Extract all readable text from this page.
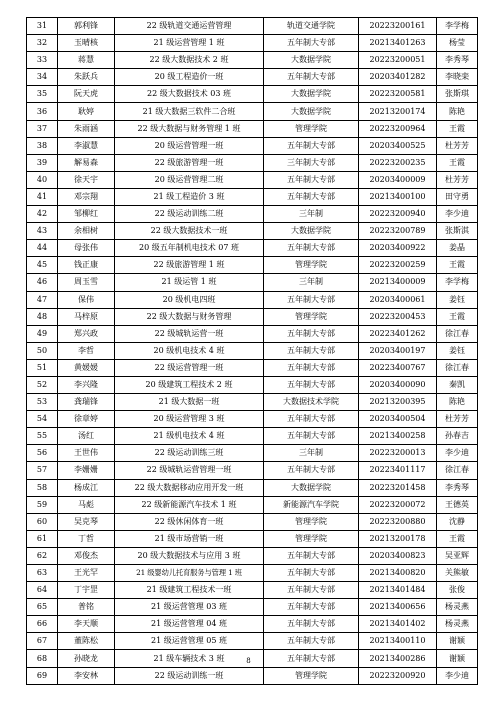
31	郭利锋	22 级轨道交通运营管理	轨道交通学院	20223200161	李学梅
32	玉晴核	21 级运营管理 1 班	五年制大专部	20213401263	杨莹
33	蒋慧	22 级大数据技术 2 班	大数据学院	20223200051	李秀琴
34	朱跃兵	20 级工程造价一班	五年制大专部	20203401282	李晓栾
35	阮天虎	22 级大数据技术 03 班	大数据学院	20223200581	张斯琪
36	耿婷	21 级大数据三软件二合班	大数据学院	20213200174	陈艳
37	朱雨涵	22 级大数据与财务管理 1 班	管理学院	20223200964	王霞
38	李淑慧	20 级运营管理一班	五年制大专部	20203400525	杜芳芳
39	解易森	22 级旅游管理一班	三年制大专部	20223200235	王霞
40	徐天宇	20 级运营管理二班	五年制大专部	20203400009	杜芳芳
41	邓宗翔	21 级工程造价 3 班	五年制大专部	20213400100	田守勇
42	邹柳红	22 级运动训练二班	三年制	20223200940	李少迪
43	余相树	22 级大数据技术一班	大数据学院	20223200789	张斯淇
44	母张伟	20 级五年制机电技术 07 班	五年制大专部	20203400922	姜晶
45	钱正康	22 级旅游管理 1 班	管理学院	20223200259	王霞
46	周玉雪	21 级运管 1 班	三年制	20213400009	李学梅
47	保伟	20 级机电四班	五年制大专部	20203400061	姜钰
48	马梓原	22 级大数据与财务管理	管理学院	20223200453	王霞
49	郑兴政	22 级城轨运营一班	五年制大专部	20223401262	徐江春
50	李哲	20 级机电技术 4 班	五年制大专部	20203400197	姜钰
51	黄媛媛	22 级运营管理一班	五年制大专部	20223400767	徐江春
52	李兴隆	20 级建筑工程技术 2 班	五年制大专部	20203400090	秦凯
53	龚瑞锋	21 级大数据一班	大数据技术学院	20213200395	陈艳
54	徐章婷	20 级运营管理 3 班	五年制大专部	20203400504	杜芳芳
55	汤红	21 级机电技术 4 班	五年制大专部	20213400258	孙春吉
56	王世伟	22 级运动训练三班	三年制	20223200013	李少迪
57	李姗姗	22 级城轨运营管理一班	五年制大专部	20223401117	徐江春
58	杨成江	22 级大数据移动应用开发一班	大数据学院	20223201458	李秀琴
59	马彪	22 级新能源汽车技术 1 班	新能源汽车学院	20223200072	王德英
60	吴克琴	22 级休闲体育一班	管理学院	20223200880	沈静
61	丁哲	21 级市场营销一班	管理学院	20213200178	王霞
62	邓俊杰	20 级大数据技术与应用 3 班	五年制大专部	20203400823	吴亚辉
63	王光罕	21 级婴幼儿托育服务与管理 1 班	五年制大专部	20213400820	关熊敏
64	丁宇罡	21 级建筑工程技术一班	五年制大专部	20213401484	张俊
65	普铭	21 级运营管理 03 班	五年制大专部	20213400656	杨灵燕
66	李天顺	21 级运营管理 04 班	五年制大专部	20213401402	杨灵燕
67	董陈松	21 级运营管理 05 班	五年制大专部	20213400110	谢颖
68	孙晓龙	21 级车辆技术 3 班	五年制大专部	20213400286	谢颖
69	李安林	22 级运动训练一班	管理学院	20223200920	李少迪
8
